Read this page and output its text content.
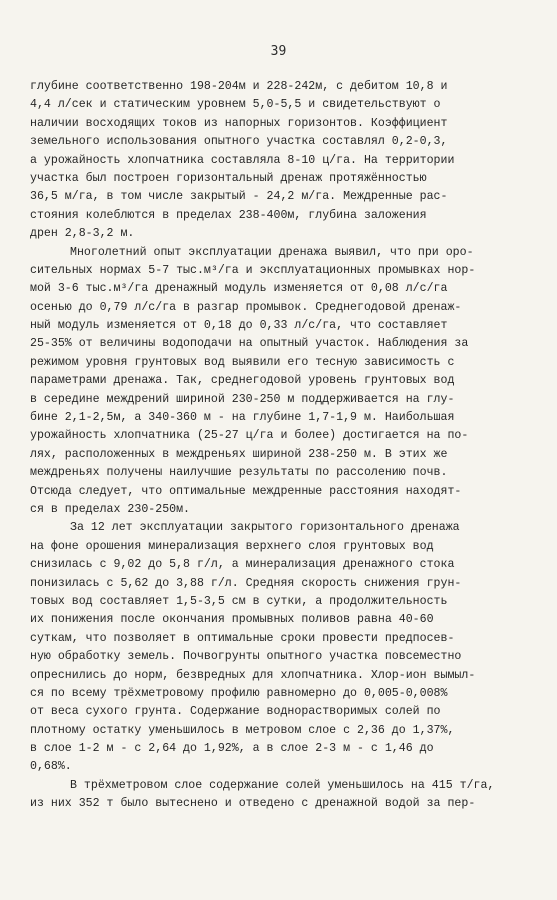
39
глубине соответственно 198-204м и 228-242м, с дебитом 10,8 и
4,4 л/сек и статическим уровнем 5,0-5,5 и свидетельствуют о
наличии восходящих токов из напорных горизонтов. Коэффициент
земельного использования опытного участка составлял 0,2-0,3,
а урожайность хлопчатника составляла 8-10 ц/га. На территории
участка был построен горизонтальный дренаж протяжённостью
36,5 м/га, в том числе закрытый - 24,2 м/га. Междренные рас-
стояния колеблются в пределах 238-400м, глубина заложения
дрен 2,8-3,2 м.
Многолетний опыт эксплуатации дренажа выявил, что при оро-
сительных нормах 5-7 тыс.м³/га и эксплуатационных промывках нор-
мой 3-6 тыс.м³/га дренажный модуль изменяется от 0,08 л/с/га
осенью до 0,79 л/с/га в разгар промывок. Среднегодовой дренаж-
ный модуль изменяется от 0,18 до 0,33 л/с/га, что составляет
25-35% от величины водоподачи на опытный участок. Наблюдения за
режимом уровня грунтовых вод выявили его тесную зависимость с
параметрами дренажа. Так, среднегодовой уровень грунтовых вод
в середине междрений шириной 230-250 м поддерживается на глу-
бине 2,1-2,5м, а 340-360 м - на глубине 1,7-1,9 м. Наибольшая
урожайность хлопчатника (25-27 ц/га и более) достигается на по-
лях, расположенных в междреньях шириной 238-250 м. В этих же
междреньях получены наилучшие результаты по рассолению почв.
Отсюда следует, что оптимальные междренные расстояния находят-
ся в пределах 230-250м.
За 12 лет эксплуатации закрытого горизонтального дренажа
на фоне орошения минерализация верхнего слоя грунтовых вод
снизилась с 9,02 до 5,8 г/л, а минерализация дренажного стока
понизилась с 5,62 до 3,88 г/л. Средняя скорость снижения грун-
товых вод составляет 1,5-3,5 см в сутки, а продолжительность
их понижения после окончания промывных поливов равна 40-60
суткам, что позволяет в оптимальные сроки провести предпосев-
ную обработку земель. Почвогрунты опытного участка повсеместно
опреснились до норм, безвредных для хлопчатника. Хлор-ион вымыл-
ся по всему трёхметровому профилю равномерно до 0,005-0,008%
от веса сухого грунта. Содержание воднорастворимых солей по
плотному остатку уменьшилось в метровом слое с 2,36 до 1,37%,
в слое 1-2 м - с 2,64 до 1,92%, а в слое 2-3 м - с 1,46 до
0,68%.
В трёхметровом слое содержание солей уменьшилось на 415 т/га,
из них 352 т было вытеснено и отведено с дренажной водой за пер-
